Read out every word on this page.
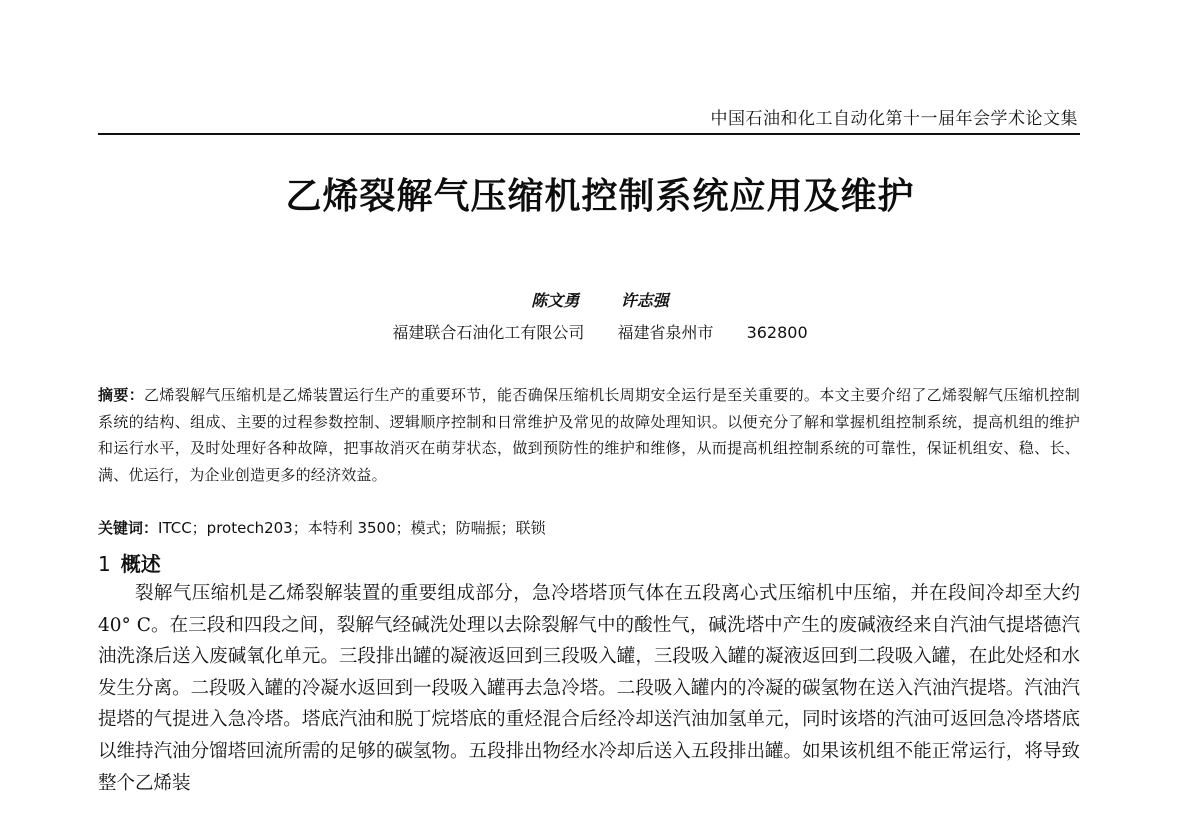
中国石油和化工自动化第十一届年会学术论文集
乙烯裂解气压缩机控制系统应用及维护
陈文勇	许志强
福建联合石油化工有限公司 福建省泉州市 362800
摘要：乙烯裂解气压缩机是乙烯装置运行生产的重要环节，能否确保压缩机长周期安全运行是至关重要的。本文主要介绍了乙烯裂解气压缩机控制系统的结构、组成、主要的过程参数控制、逻辑顺序控制和日常维护及常见的故障处理知识。以便充分了解和掌握机组控制系统，提高机组的维护和运行水平，及时处理好各种故障，把事故消灭在萌芽状态，做到预防性的维护和维修，从而提高机组控制系统的可靠性，保证机组安、稳、长、满、优运行，为企业创造更多的经济效益。
关键词：ITCC；protech203；本特利 3500；模式；防喘振；联锁
1 概述

裂解气压缩机是乙烯裂解装置的重要组成部分，急冷塔塔顶气体在五段离心式压缩机中压缩，并在段间冷却至大约 40° C。在三段和四段之间，裂解气经碱洗处理以去除裂解气中的酸性气，碱洗塔中产生的废碱液经来自汽油气提塔德汽油洗涤后送入废碱氧化单元。三段排出罐的凝液返回到三段吸入罐，三段吸入罐的凝液返回到二段吸入罐，在此处烃和水发生分离。二段吸入罐的冷凝水返回到一段吸入罐再去急冷塔。二段吸入罐内的冷凝的碳氢物在送入汽油汽提塔。汽油汽提塔的气提进入急冷塔。塔底汽油和脱丁烷塔底的重烃混合后经冷却送汽油加氢单元，同时该塔的汽油可返回急冷塔塔底以维持汽油分馏塔回流所需的足够的碳氢物。五段排出物经水冷却后送入五段排出罐。如果该机组不能正常运行，将导致整个乙烯装
